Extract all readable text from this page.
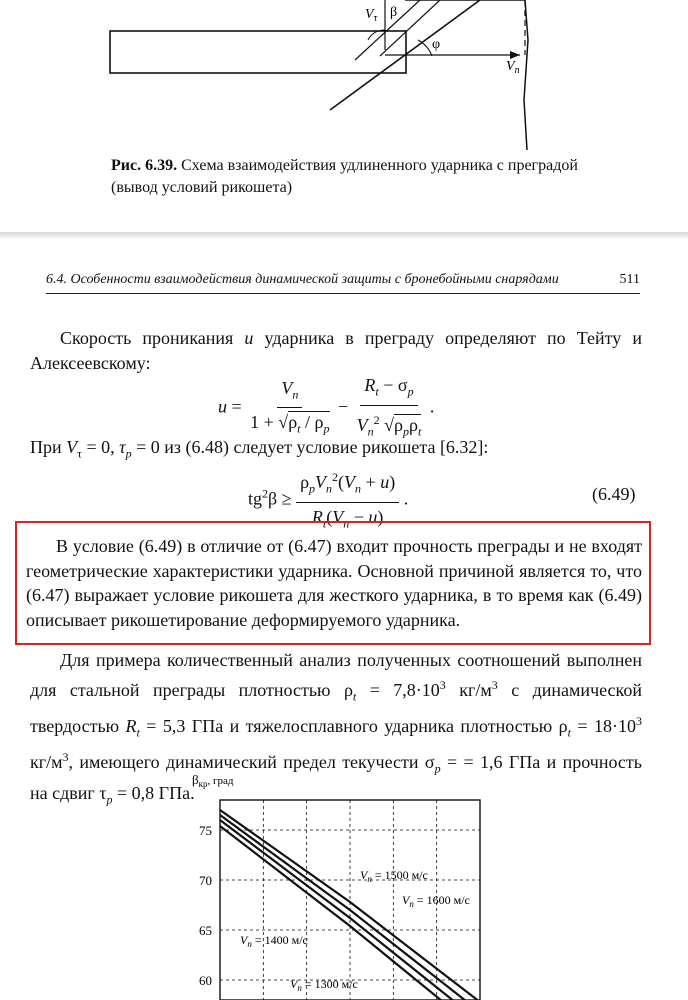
$V_\tau$ β
φ
$V_n$
Рис. 6.39. Схема взаимодействия удлиненного ударника с преградой (вывод условий рикошета)
6.4. Особенности взаимодействия динамической защиты с бронебойными снарядами	511

Скорость проникания u ударника в преграду определяют по Тейту и Алексеевскому:

$u = \frac{V_n}{1 + √\rho_t / \rho_p} - \frac{R_t - \sigma_p}{V_n^2 √\rho_p\rho_t}$ .

При $V_\tau = 0$, $\tau_p = 0$ из (6.48) следует условие рикошета [6.32]:

$tg^2\beta \ge \frac{\rho_pV_n^2(V_n + u)}{R_t(V_n - u)}$ .	(6.49)

В условие (6.49) в отличие от (6.47) входит прочность преграды и не входят геометрические характеристики ударника. Основной причиной является то, что (6.47) выражает условие рикошета для жесткого ударника, в то время как (6.49) описывает рикошетирование деформируемого ударника.

Для примера количественный анализ полученных соотношений выполнен для стальной преграды плотностью $\rho_t = 7,8\cdot 10^3$ $кг/м^3$ с динамической твердостью $R_t = 5,3$ ГПа и тяжелосплавного ударника плотностью $\rho_t = 18\cdot 10^3$ $кг/м^3$, имеющего динамический предел текучести $\sigma_p$ = = 1,6 ГПа и прочность на сдвиг $\tau_p = 0,8$ ГПа.

$\beta_{кр}^{, град}$
75
70
65
60
$V_n = 1500$ м/с
$V_n = 1600$ м/с
$V_n = 1400$ м/с
$V_n = 1300$ м/с
